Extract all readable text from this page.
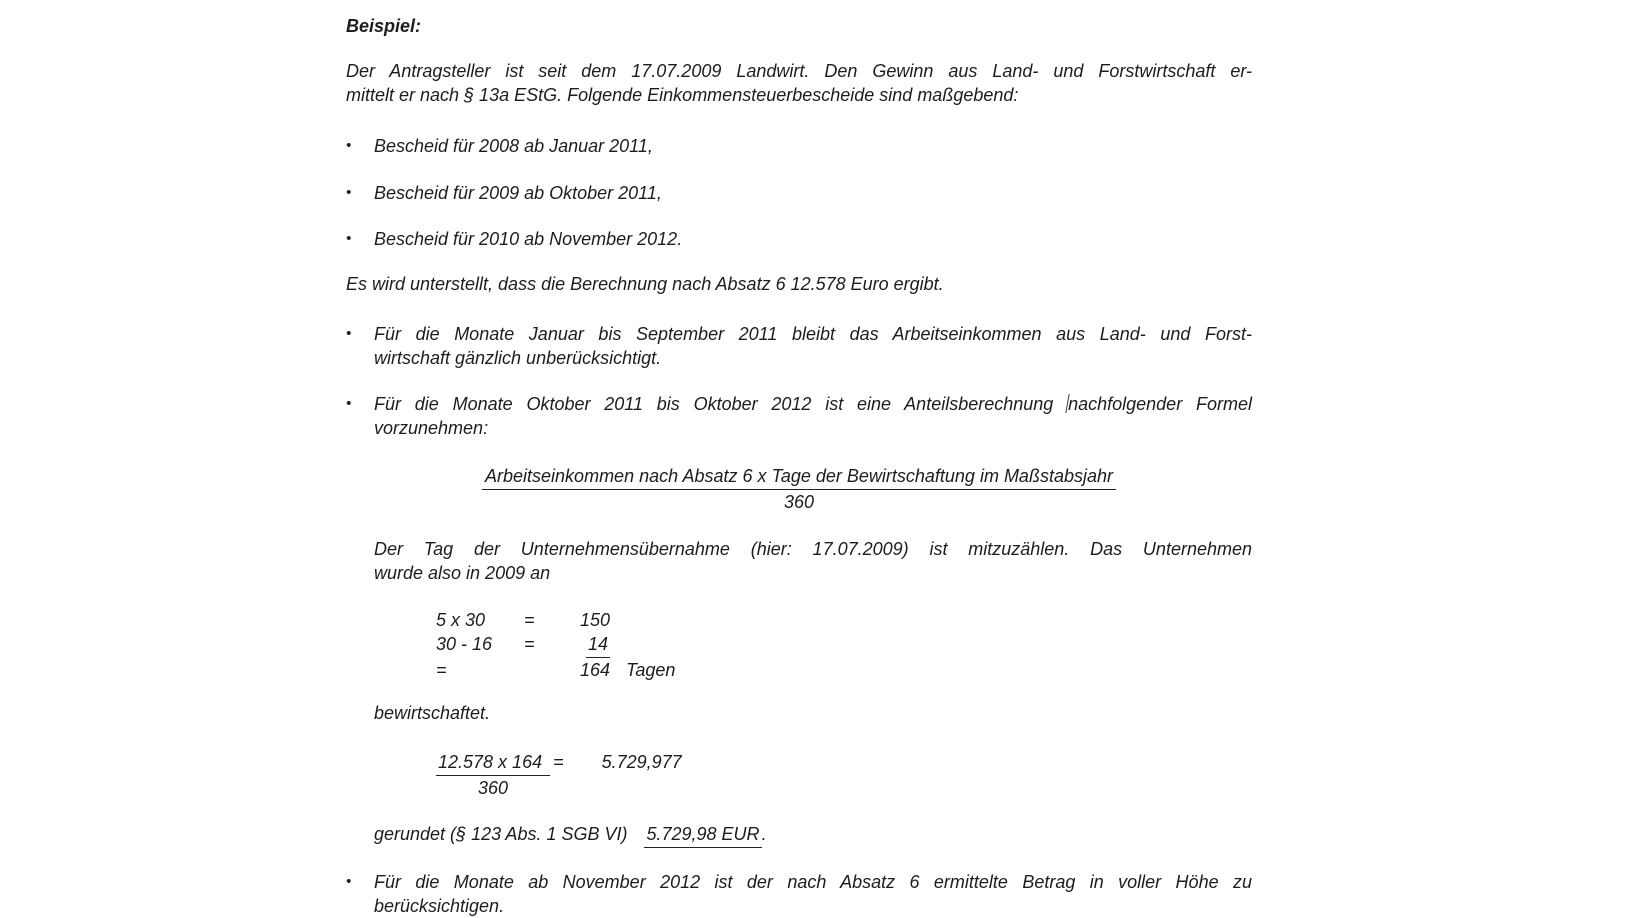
Beispiel:
Der Antragsteller ist seit dem 17.07.2009 Landwirt. Den Gewinn aus Land- und Forstwirtschaft er-
mittelt er nach § 13a EStG. Folgende Einkommensteuerbescheide sind maßgebend:
•	Bescheid für 2008 ab Januar 2011,
•	Bescheid für 2009 ab Oktober 2011,
•	Bescheid für 2010 ab November 2012.
Es wird unterstellt, dass die Berechnung nach Absatz 6 12.578 Euro ergibt.
•	Für die Monate Januar bis September 2011 bleibt das Arbeitseinkommen aus Land- und Forst-
wirtschaft gänzlich unberücksichtigt.
•	Für die Monate Oktober 2011 bis Oktober 2012 ist eine Anteilsberechnung nachfolgender Formel
vorzunehmen:
Arbeitseinkommen nach Absatz 6 x Tage der Bewirtschaftung im Maßstabsjahr
360
Der Tag der Unternehmensübernahme (hier: 17.07.2009) ist mitzuzählen. Das Unternehmen
wurde also in 2009 an
5 x 30 =	150
30 - 16 =	14
=	164 Tagen
bewirtschaftet.
$\frac{12.578 x 164}{360} = 5.729,977$
gerundet (§ 123 Abs. 1 SGB VI) 5.729,98 EUR .
•	Für die Monate ab November 2012 ist der nach Absatz 6 ermittelte Betrag in voller Höhe zu
berücksichtigen.
